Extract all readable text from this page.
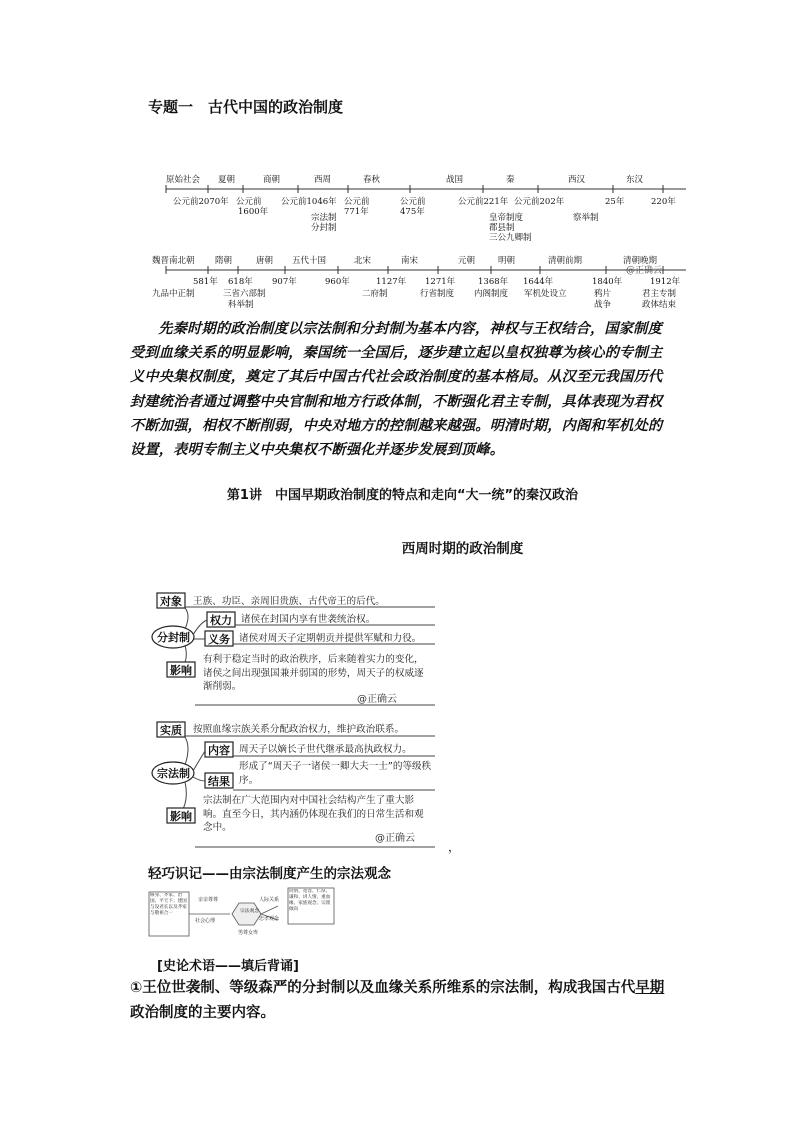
专题一　古代中国的政治制度
原始社会 夏朝	商朝	西周	春秋	战国	秦	西汉	东汉
公元前2070年 公元前
1600年
公元前1046年 公元前
771年
公元前
475年
公元前221年 公元前202年	25年	220年
宗法制
分封制
皇帝制度
郡县制
三公九卿制
察举制
魏晋南北朝 隋朝	唐朝 五代十国	北宋	南宋	元朝	明朝	清朝前期	清朝晚期
@正确云
581年 618年 907年	960年	1127年 1271年	1368年 1644年	1840年	1912年
九品中正制	三省六部制
科举制
二府制	行省制度 内阁制度 军机处设立	鸦片
战争
君主专制
政体结束

先秦时期的政治制度以宗法制和分封制为基本内容，神权与王权结合，国家制度受到血缘关系的明显影响，秦国统一全国后，逐步建立起以皇权独尊为核心的专制主义中央集权制度，奠定了其后中国古代社会政治制度的基本格局。从汉至元我国历代封建统治者通过调整中央官制和地方行政体制，不断强化君主专制，具体表现为君权不断加强，相权不断削弱，中央对地方的控制越来越强。明清时期，内阁和军机处的设置，表明专制主义中央集权不断强化并逐步发展到顶峰。

第1讲　中国早期政治制度的特点和走向“大一统”的秦汉政治
西周时期的政治制度
对象 王族、功臣、亲周旧贵族、古代帝王的后代。
权力 诸侯在封国内享有世袭统治权。
义务 诸侯对周天子定期朝贡并提供军赋和力役。
分封制
影响
有利于稳定当时的政治秩序，后来随着实力的变化，诸侯之间出现强国兼并弱国的形势，周天子的权威逐渐削弱。
@正确云
实质 按照血缘宗族关系分配政治权力，维护政治联系。
内容 周天子以嫡长子世代继承最高执政权力。
宗法制
结果
形成了“周天子一诸侯一卿大夫一士”的等级秩序。
影响
宗法制在广大范围内对中国社会结构产生了重大影响。直至今日，其内涵仍体现在我们的日常生活和观念中。
@正确云
，
轻巧识记——由宗法制度产生的宗法观念
修身、齐家、治国、平天下；建国与设君长以及齐家与敬祖合一
亲亲尊尊
社会心理
宗法观念
男尊女卑
人际关系
忠孝观念
同情、宽容、仁厚、谦和、讲人情、重血缘、家族观念、宗派倾向
[史论术语——填后背诵]

①王位世袭制、等级森严的分封制以及血缘关系所维系的宗法制，构成我国古代早期政治制度的主要内容。
